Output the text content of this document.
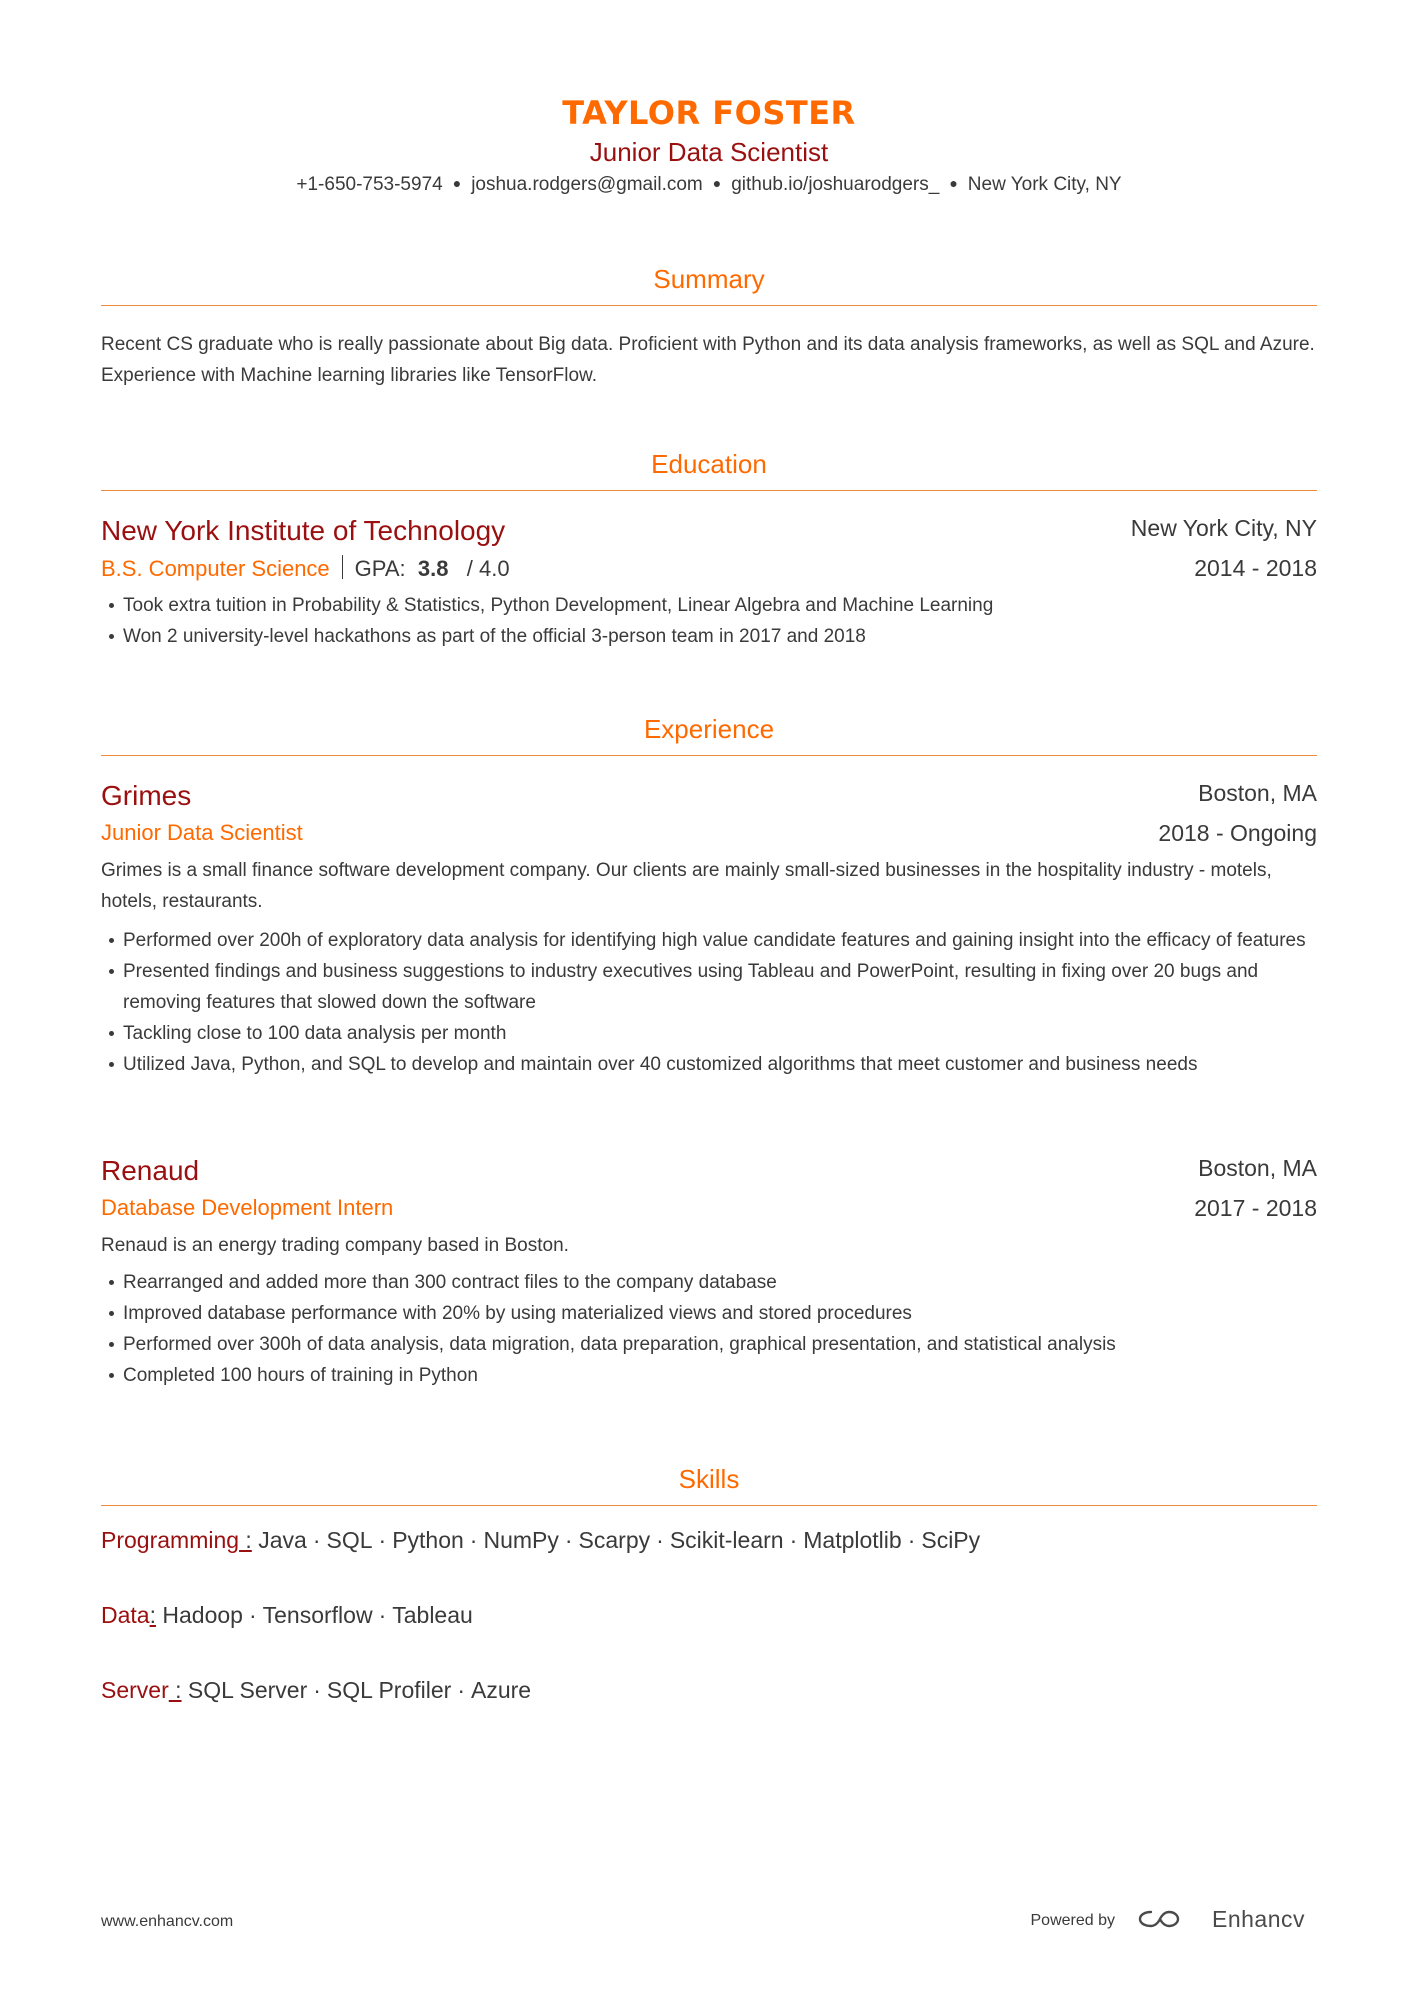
TAYLOR FOSTER
Junior Data Scientist
+1-650-753-5974 ● joshua.rodgers@gmail.com ● github.io/joshuarodgers_ ● New York City, NY
Summary
Recent CS graduate who is really passionate about Big data. Proficient with Python and its data analysis frameworks, as well as SQL and Azure. Experience with Machine learning libraries like TensorFlow.
Education
New York Institute of Technology	New York City, NY
B.S. Computer Science GPA: 3.8 / 4.0	2014 - 2018
Took extra tuition in Probability & Statistics, Python Development, Linear Algebra and Machine Learning
Won 2 university-level hackathons as part of the official 3-person team in 2017 and 2018
Experience
Grimes	Boston, MA
Junior Data Scientist	2018 - Ongoing
Grimes is a small finance software development company. Our clients are mainly small-sized businesses in the hospitality industry - motels, hotels, restaurants.
Performed over 200h of exploratory data analysis for identifying high value candidate features and gaining insight into the efficacy of features
Presented findings and business suggestions to industry executives using Tableau and PowerPoint, resulting in fixing over 20 bugs and removing features that slowed down the software
Tackling close to 100 data analysis per month
Utilized Java, Python, and SQL to develop and maintain over 40 customized algorithms that meet customer and business needs
Renaud	Boston, MA
Database Development Intern	2017 - 2018
Renaud is an energy trading company based in Boston.
Rearranged and added more than 300 contract files to the company database
Improved database performance with 20% by using materialized views and stored procedures
Performed over 300h of data analysis, data migration, data preparation, graphical presentation, and statistical analysis
Completed 100 hours of training in Python
Skills
Programming : Java · SQL · Python · NumPy · Scarpy · Scikit-learn · Matplotlib · SciPy
Data: Hadoop · Tensorflow · Tableau
Server : SQL Server · SQL Profiler · Azure
www.enhancv.com	Powered by	Enhancv
